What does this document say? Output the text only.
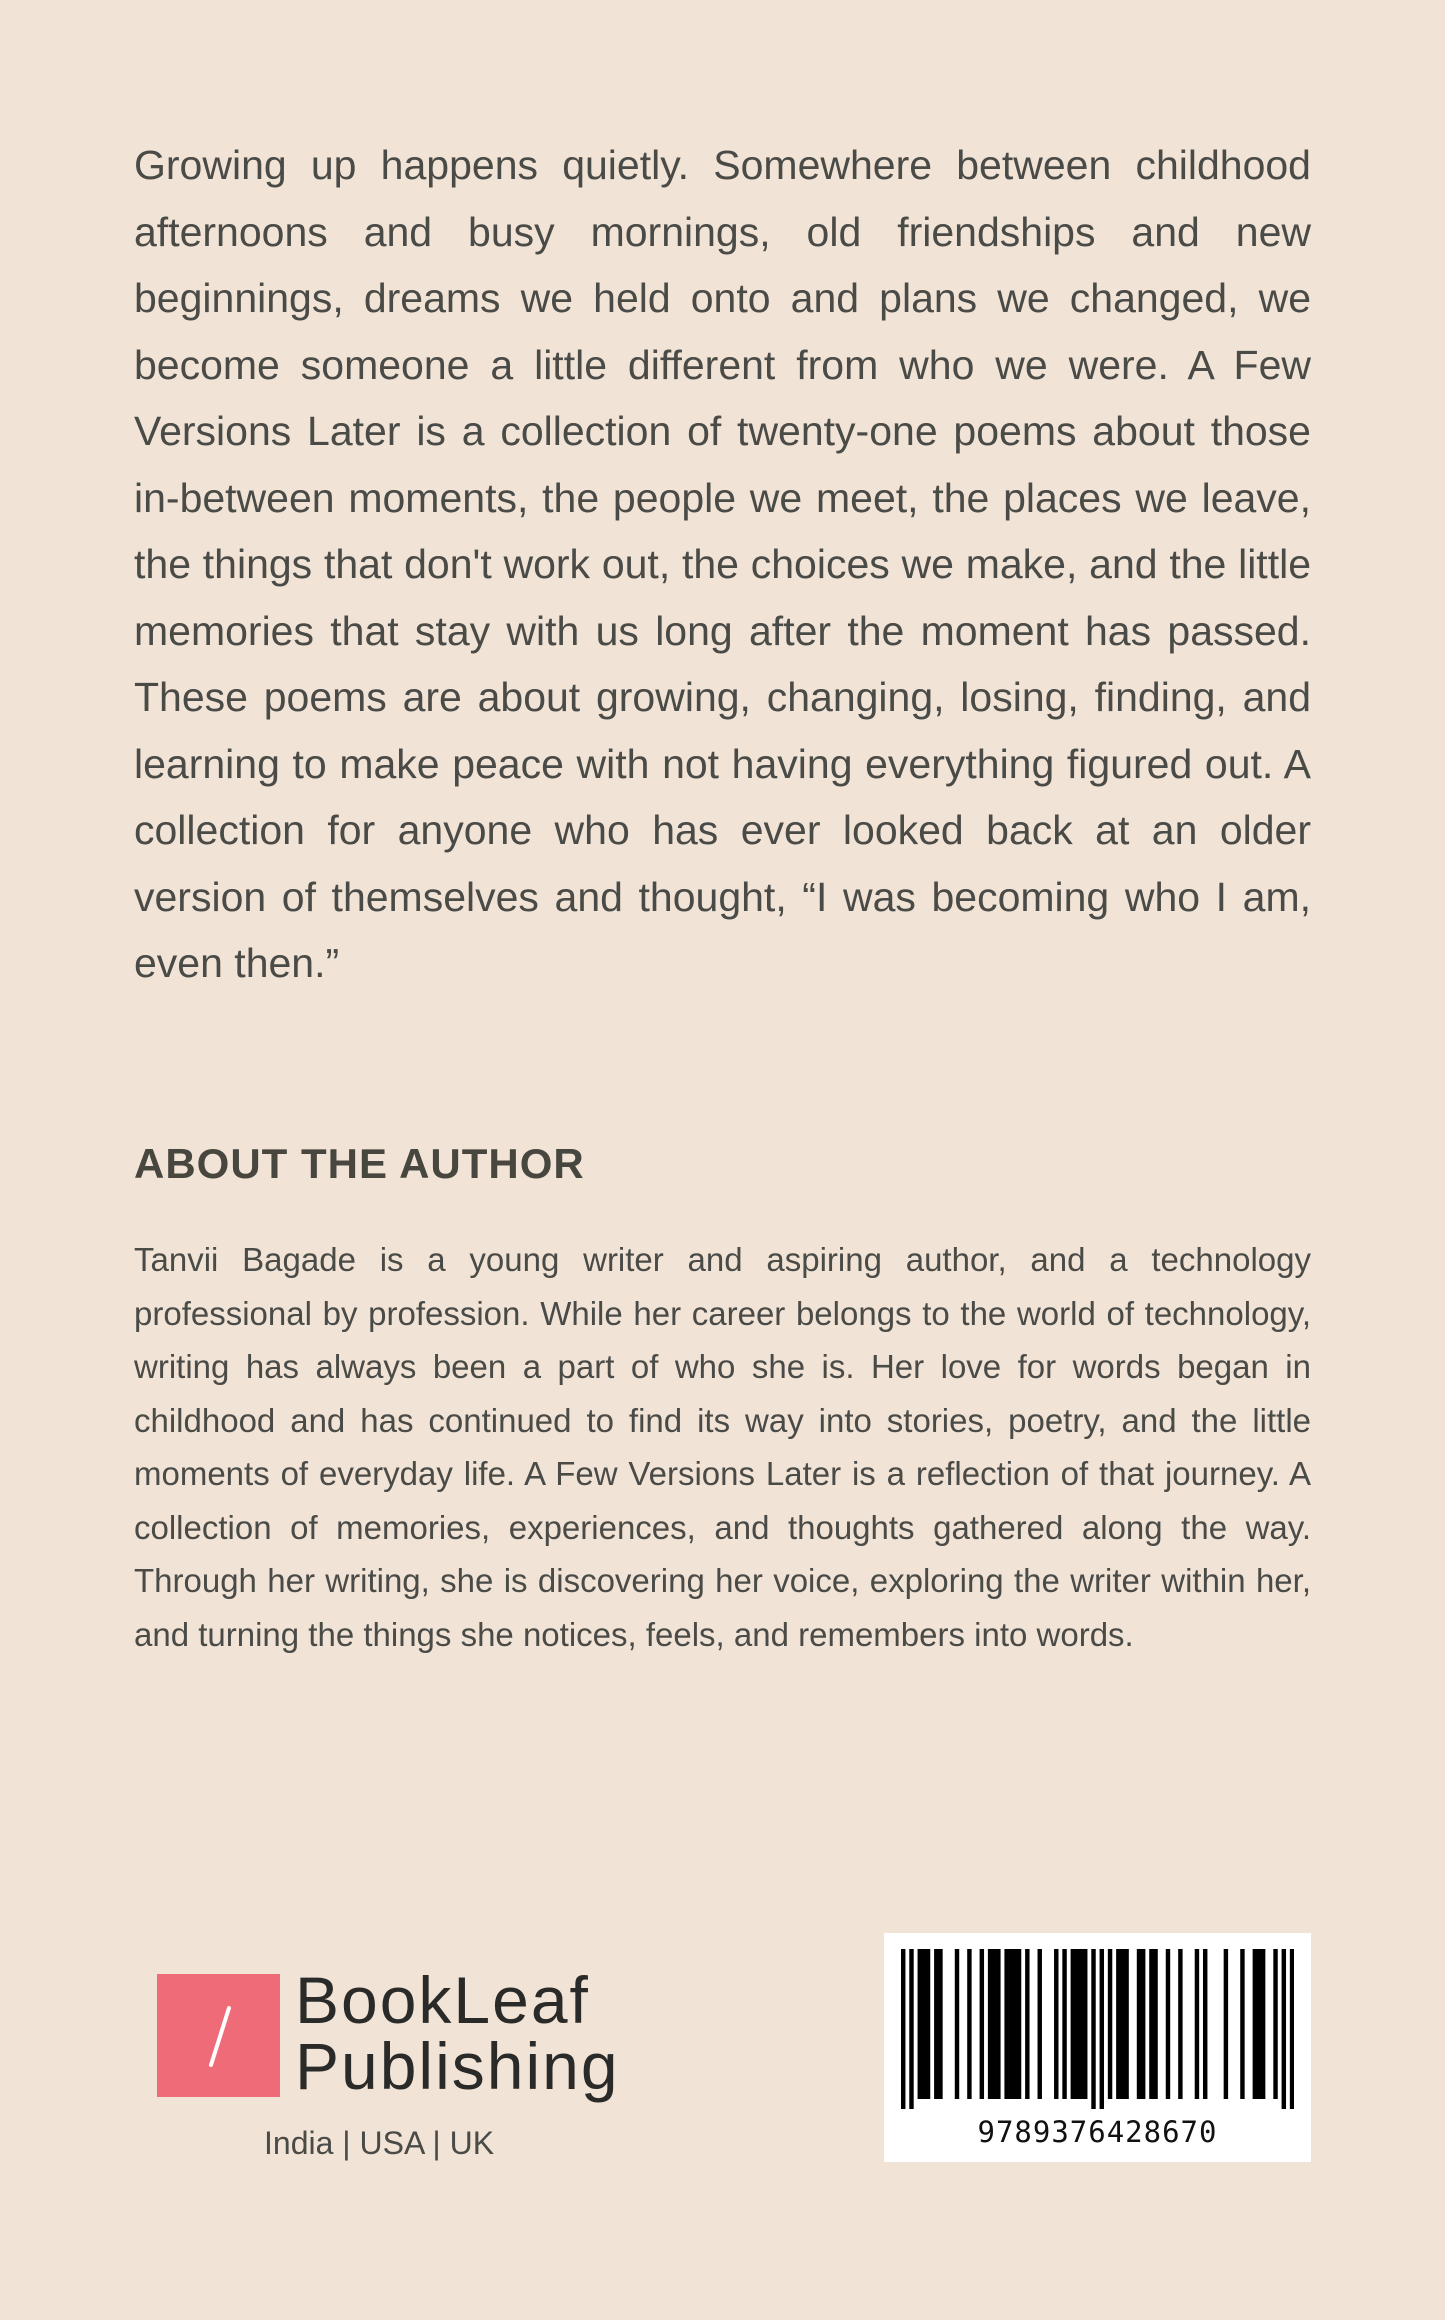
Growing up happens quietly. Somewhere between childhood afternoons and busy mornings, old friendships and new beginnings, dreams we held onto and plans we changed, we become someone a little different from who we were. A Few Versions Later is a collection of twenty-one poems about those in-between moments, the people we meet, the places we leave, the things that don't work out, the choices we make, and the little memories that stay with us long after the moment has passed. These poems are about growing, changing, losing, finding, and learning to make peace with not having everything figured out. A collection for anyone who has ever looked back at an older version of themselves and thought, “I was becoming who I am, even then.”

ABOUT THE AUTHOR

Tanvii Bagade is a young writer and aspiring author, and a technology professional by profession. While her career belongs to the world of technology, writing has always been a part of who she is. Her love for words began in childhood and has continued to find its way into stories, poetry, and the little moments of everyday life. A Few Versions Later is a reflection of that journey. A collection of memories, experiences, and thoughts gathered along the way. Through her writing, she is discovering her voice, exploring the writer within her, and turning the things she notices, feels, and remembers into words.

BookLeaf
Publishing
India | USA | UK	9789376428670
